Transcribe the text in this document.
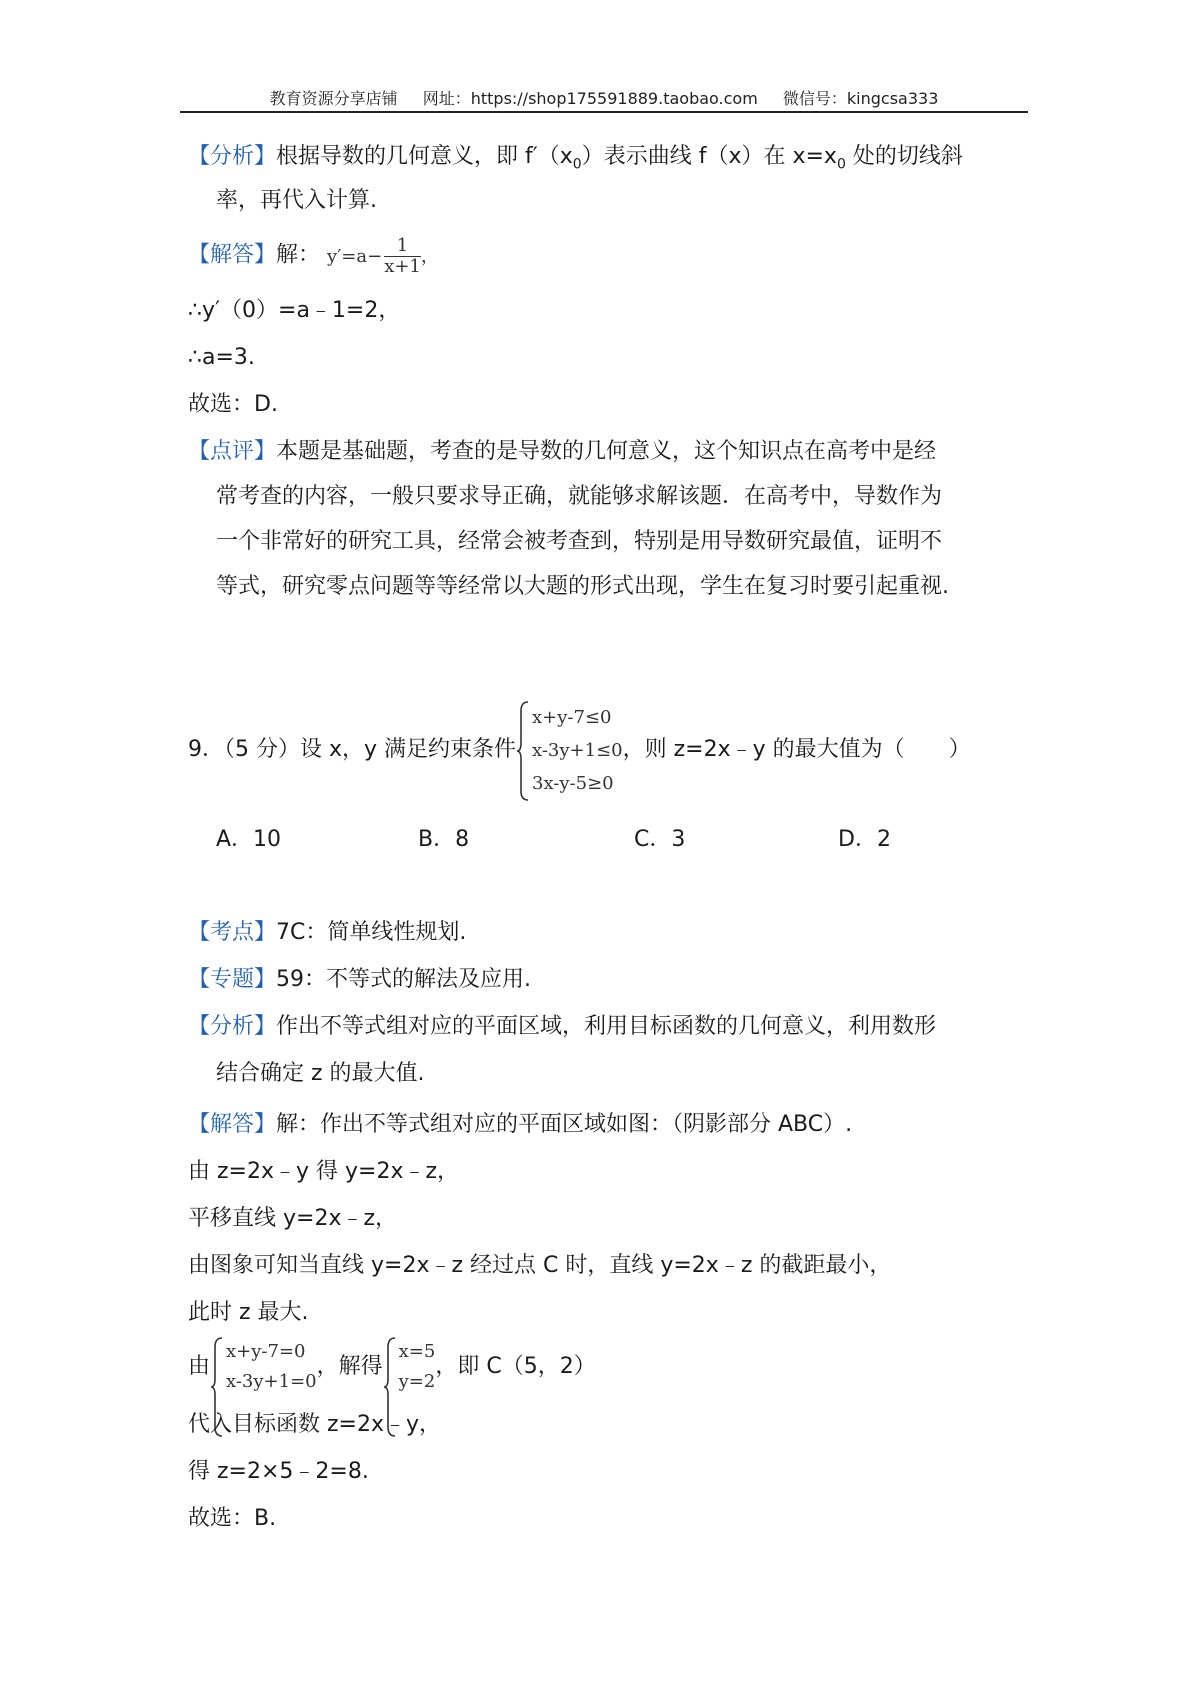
教育资源分享店铺 网址：https://shop175591889.taobao.com 微信号：kingcsa333
【分析】根据导数的几何意义，即 $f'(x_0)$表示曲线 f（x）在 $x=x_0$ 处的切线斜
率，再代入计算.
【解答】解： $y'=a- \frac{1}{x+1}$ ，
∴y′（0）=a﹣1=2，
∴a=3.
故选：D.
【点评】本题是基础题，考查的是导数的几何意义，这个知识点在高考中是经
常考查的内容，一般只要求导正确，就能够求解该题．在高考中，导数作为
一个非常好的研究工具，经常会被考查到，特别是用导数研究最值，证明不
等式，研究零点问题等等经常以大题的形式出现，学生在复习时要引起重视.
9．（5 分）设 x，y 满足约束条件
x+y-7≤0
x-3y+1≤0
3x-y-5≥0
，则 z=2x﹣y 的最大值为（　　）
A．10	B．8	C．3	D．2
【考点】7C：简单线性规划.
【专题】59：不等式的解法及应用.
【分析】作出不等式组对应的平面区域，利用目标函数的几何意义，利用数形
结合确定 z 的最大值.
【解答】解：作出不等式组对应的平面区域如图：（阴影部分 ABC）.
由 z=2x﹣y 得 y=2x﹣z，
平移直线 y=2x﹣z，
由图象可知当直线 y=2x﹣z 经过点 C 时，直线 y=2x﹣z 的截距最小，
此时 z 最大.
由
x+y-7=0
x-3y+1=0
，解得
x=5
y=2
，即 C（5，2）
代入目标函数 z=2x﹣y，
得 z=2×5﹣2=8.
故选：B.
